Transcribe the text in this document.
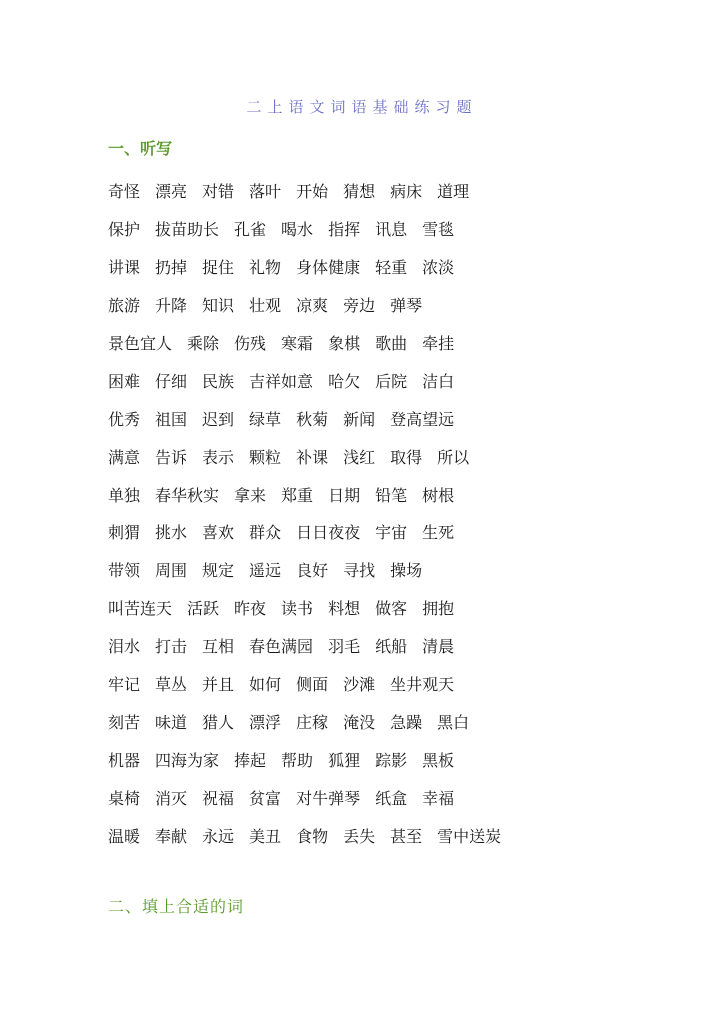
二上语文词语基础练习题
一、听写
奇怪 漂亮 对错 落叶 开始 猜想 病床 道理
保护 拔苗助长 孔雀 喝水 指挥 讯息 雪毯
讲课 扔掉 捉住 礼物 身体健康 轻重 浓淡
旅游 升降 知识 壮观 凉爽 旁边 弹琴
景色宜人 乘除 伤残 寒霜 象棋 歌曲 牵挂
困难 仔细 民族 吉祥如意 哈欠 后院 洁白
优秀 祖国 迟到 绿草 秋菊 新闻 登高望远
满意 告诉 表示 颗粒 补课 浅红 取得 所以
单独 春华秋实 拿来 郑重 日期 铅笔 树根
刺猬 挑水 喜欢 群众 日日夜夜 宇宙 生死
带领 周围 规定 遥远 良好 寻找 操场
叫苦连天 活跃 昨夜 读书 料想 做客 拥抱
泪水 打击 互相 春色满园 羽毛 纸船 清晨
牢记 草丛 并且 如何 侧面 沙滩 坐井观天
刻苦 味道 猎人 漂浮 庄稼 淹没 急躁 黑白
机器 四海为家 捧起 帮助 狐狸 踪影 黑板
桌椅 消灭 祝福 贫富 对牛弹琴 纸盒 幸福
温暖 奉献 永远 美丑 食物 丢失 甚至 雪中送炭
二、填上合适的词
